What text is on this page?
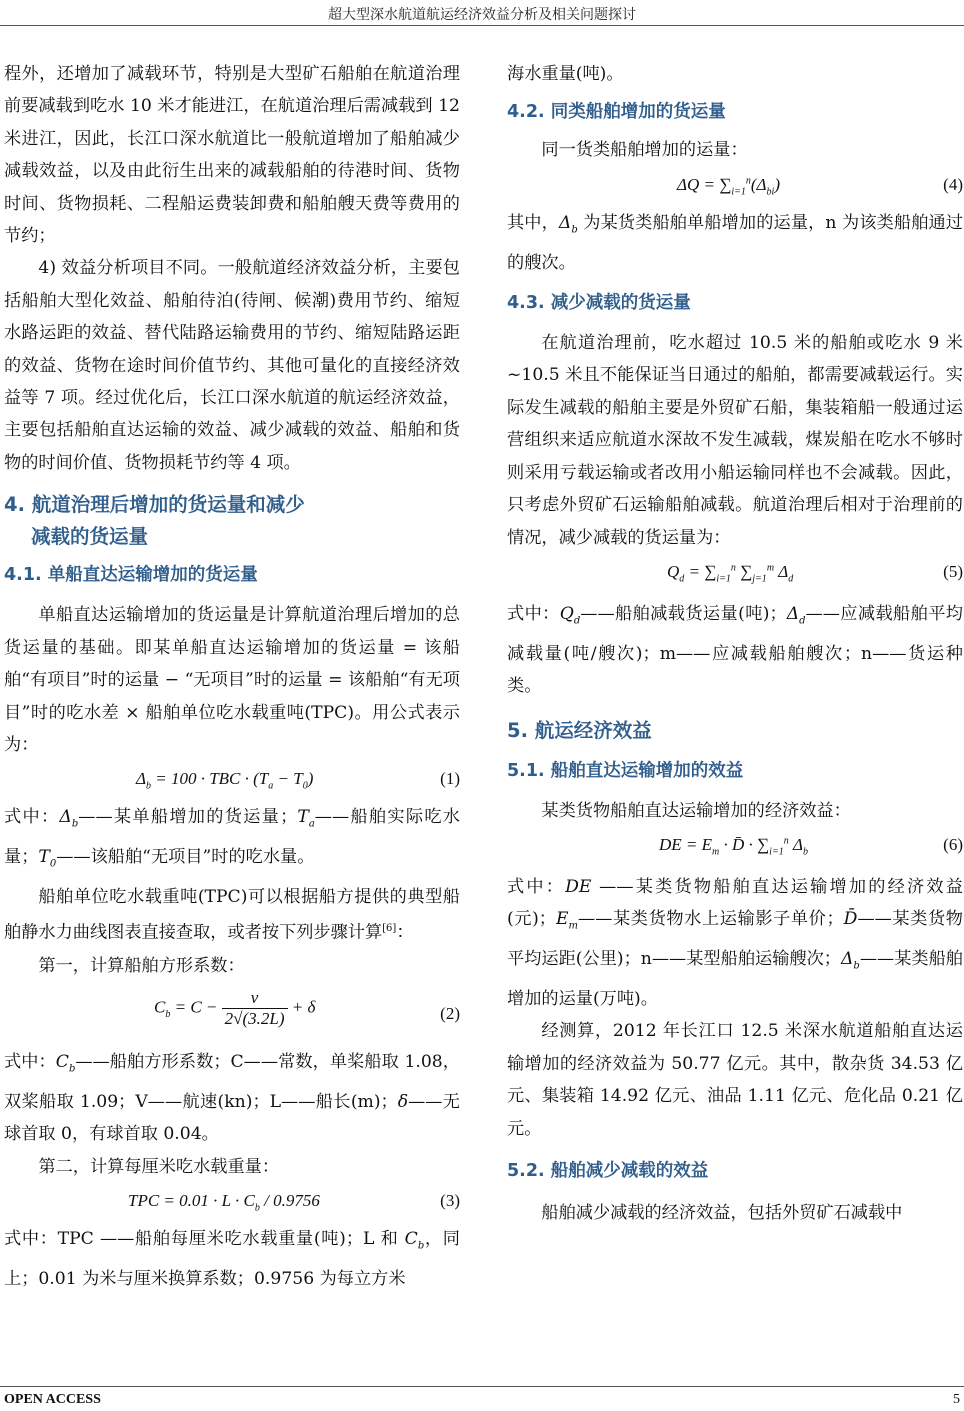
超大型深水航道航运经济效益分析及相关问题探讨

程外，还增加了减载环节，特别是大型矿石船舶在航道治理前要减载到吃水 10 米才能进江，在航道治理后需减载到 12 米进江，因此，长江口深水航道比一般航道增加了船舶减少减载效益，以及由此衍生出来的减载船舶的待港时间、货物时间、货物损耗、二程船运费装卸费和船舶艘天费等费用的节约；

4) 效益分析项目不同。一般航道经济效益分析，主要包括船舶大型化效益、船舶待泊(待闸、候潮)费用节约、缩短水路运距的效益、替代陆路运输费用的节约、缩短陆路运距的效益、货物在途时间价值节约、其他可量化的直接经济效益等 7 项。经过优化后，长江口深水航道的航运经济效益，主要包括船舶直达运输的效益、减少减载的效益、船舶和货物的时间价值、货物损耗节约等 4 项。

4. 航道治理后增加的货运量和减少
减载的货运量
4.1. 单船直达运输增加的货运量

单船直达运输增加的货运量是计算航道治理后增加的总货运量的基础。即某单船直达运输增加的货运量 = 该船舶“有项目”时的运量 − “无项目”时的运量 = 该船舶“有无项目”时的吃水差 × 船舶单位吃水载重吨(TPC)。用公式表示为：

$\Delta_b = 100$ · TBC · $(T_a - T_0)$	(1)

式中：$\Delta_b——$某单船增加的货运量；$T_a——$船舶实际吃水量；$T_0——$该船舶“无项目”时的吃水量。

船舶单位吃水载重吨(TPC)可以根据船方提供的典型船舶静水力曲线图表直接查取，或者按下列步骤计算[6]：

第一，计算船舶方形系数：

$C_b = C - \frac{v}{2√(3.2L)} + \delta$	(2)

式中：$C_b——$船舶方形系数；C——常数，单桨船取 1.08，双桨船取 1.09；V——航速(kn)；L——船长(m)；δ——无球首取 0，有球首取 0.04。

第二，计算每厘米吃水载重量：

TPC = $0.01 \cdot L \cdot C_b / 0.9756$	(3)

式中：TPC ——船舶每厘米吃水载重量(吨)；L 和 $C_b$，同上；0.01 为米与厘米换算系数；0.9756 为每立方米

海水重量(吨)。

4.2. 同类船舶增加的货运量

同一货类船舶增加的运量：

$\Delta Q = \sum_{i=1}^n(\Delta_{bi})$	(4)

其中，$\Delta_b$ 为某货类船舶单船增加的运量，n 为该类船舶通过的艘次。

4.3. 减少减载的货运量

在航道治理前，吃水超过 10.5 米的船舶或吃水 9 米~10.5 米且不能保证当日通过的船舶，都需要减载运行。实际发生减载的船舶主要是外贸矿石船，集装箱船一般通过运营组织来适应航道水深故不发生减载，煤炭船在吃水不够时则采用亏载运输或者改用小船运输同样也不会减载。因此，只考虑外贸矿石运输船舶减载。航道治理后相对于治理前的情况，减少减载的货运量为：

$Q_d = \sum_{i=1}^n$ $\sum_{j=1}^m$ $\Delta_d$	(5)

式中：$Q_d——$船舶减载货运量(吨)；$\Delta_d——$应减载船舶平均减载量(吨/艘次)；m——应减载船舶艘次；n——货运种类。

5. 航运经济效益
5.1. 船舶直达运输增加的效益

某类货物船舶直达运输增加的经济效益：

DE = $E_m$ · D̄ · $\sum_{i=1}^n$ $\Delta_b$	(6)

式中：DE ——某类货物船舶直达运输增加的经济效益(元)；$E_m——$某类货物水上运输影子单价；D̄——某类货物平均运距(公里)；n——某型船舶运输艘次；$\Delta_b——$某类船舶增加的运量(万吨)。

经测算，2012 年长江口 12.5 米深水航道船舶直达运输增加的经济效益为 50.77 亿元。其中，散杂货 34.53 亿元、集装箱 14.92 亿元、油品 1.11 亿元、危化品 0.21 亿元。

5.2. 船舶减少减载的效益

船舶减少减载的经济效益，包括外贸矿石减载中

OPEN ACCESS	5
